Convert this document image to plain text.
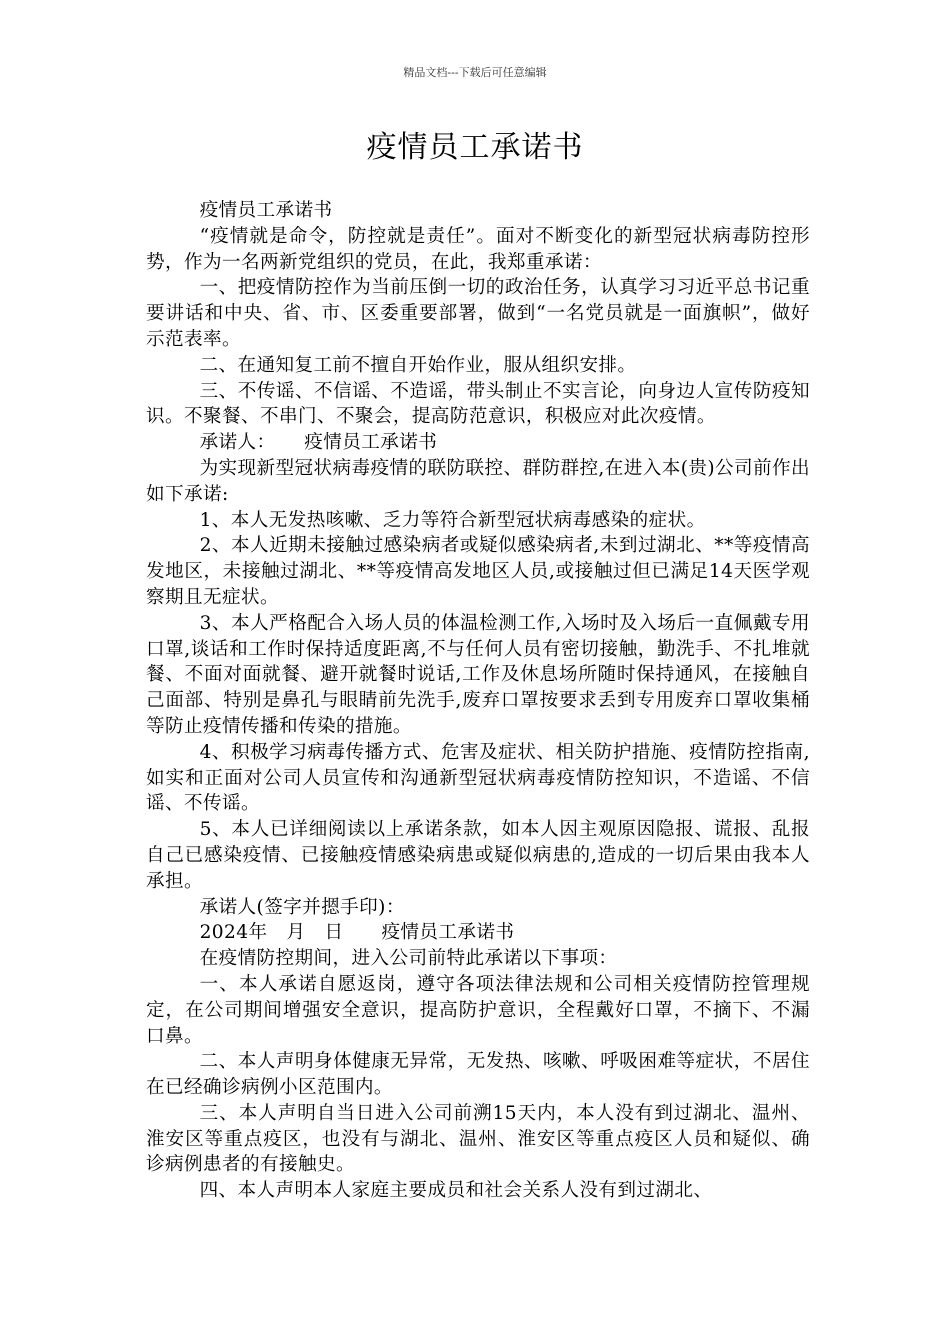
精品文档---下载后可任意编辑
疫情员工承诺书

疫情员工承诺书

“疫情就是命令，防控就是责任”。面对不断变化的新型冠状病毒防控形势，作为一名两新党组织的党员，在此，我郑重承诺：

一、把疫情防控作为当前压倒一切的政治任务，认真学习习近平总书记重要讲话和中央、省、市、区委重要部署，做到“一名党员就是一面旗帜”，做好示范表率。

二、在通知复工前不擅自开始作业，服从组织安排。

三、不传谣、不信谣、不造谣，带头制止不实言论，向身边人宣传防疫知识。不聚餐、不串门、不聚会，提高防范意识，积极应对此次疫情。

承诺人：　　疫情员工承诺书

为实现新型冠状病毒疫情的联防联控、群防群控,在进入本(贵)公司前作出如下承诺:

1、本人无发热咳嗽、乏力等符合新型冠状病毒感染的症状。

2、本人近期未接触过感染病者或疑似感染病者,未到过湖北、**等疫情高发地区，未接触过湖北、**等疫情高发地区人员,或接触过但已满足14天医学观察期且无症状。

3、本人严格配合入场人员的体温检测工作,入场时及入场后一直佩戴专用口罩,谈话和工作时保持适度距离,不与任何人员有密切接触，勤洗手、不扎堆就餐、不面对面就餐、避开就餐时说话,工作及休息场所随时保持通风，在接触自己面部、特别是鼻孔与眼睛前先洗手,废弃口罩按要求丢到专用废弃口罩收集桶等防止疫情传播和传染的措施。

4、积极学习病毒传播方式、危害及症状、相关防护措施、疫情防控指南,如实和正面对公司人员宣传和沟通新型冠状病毒疫情防控知识，不造谣、不信谣、不传谣。

5、本人已详细阅读以上承诺条款，如本人因主观原因隐报、谎报、乱报自己已感染疫情、已接触疫情感染病患或疑似病患的,造成的一切后果由我本人承担。

承诺人(签字并摁手印)：

2024年　月　日　　疫情员工承诺书

在疫情防控期间，进入公司前特此承诺以下事项：

一、本人承诺自愿返岗，遵守各项法律法规和公司相关疫情防控管理规定，在公司期间增强安全意识，提高防护意识，全程戴好口罩，不摘下、不漏口鼻。

二、本人声明身体健康无异常，无发热、咳嗽、呼吸困难等症状，不居住在已经确诊病例小区范围内。

三、本人声明自当日进入公司前溯15天内，本人没有到过湖北、温州、淮安区等重点疫区，也没有与湖北、温州、淮安区等重点疫区人员和疑似、确诊病例患者的有接触史。

四、本人声明本人家庭主要成员和社会关系人没有到过湖北、
